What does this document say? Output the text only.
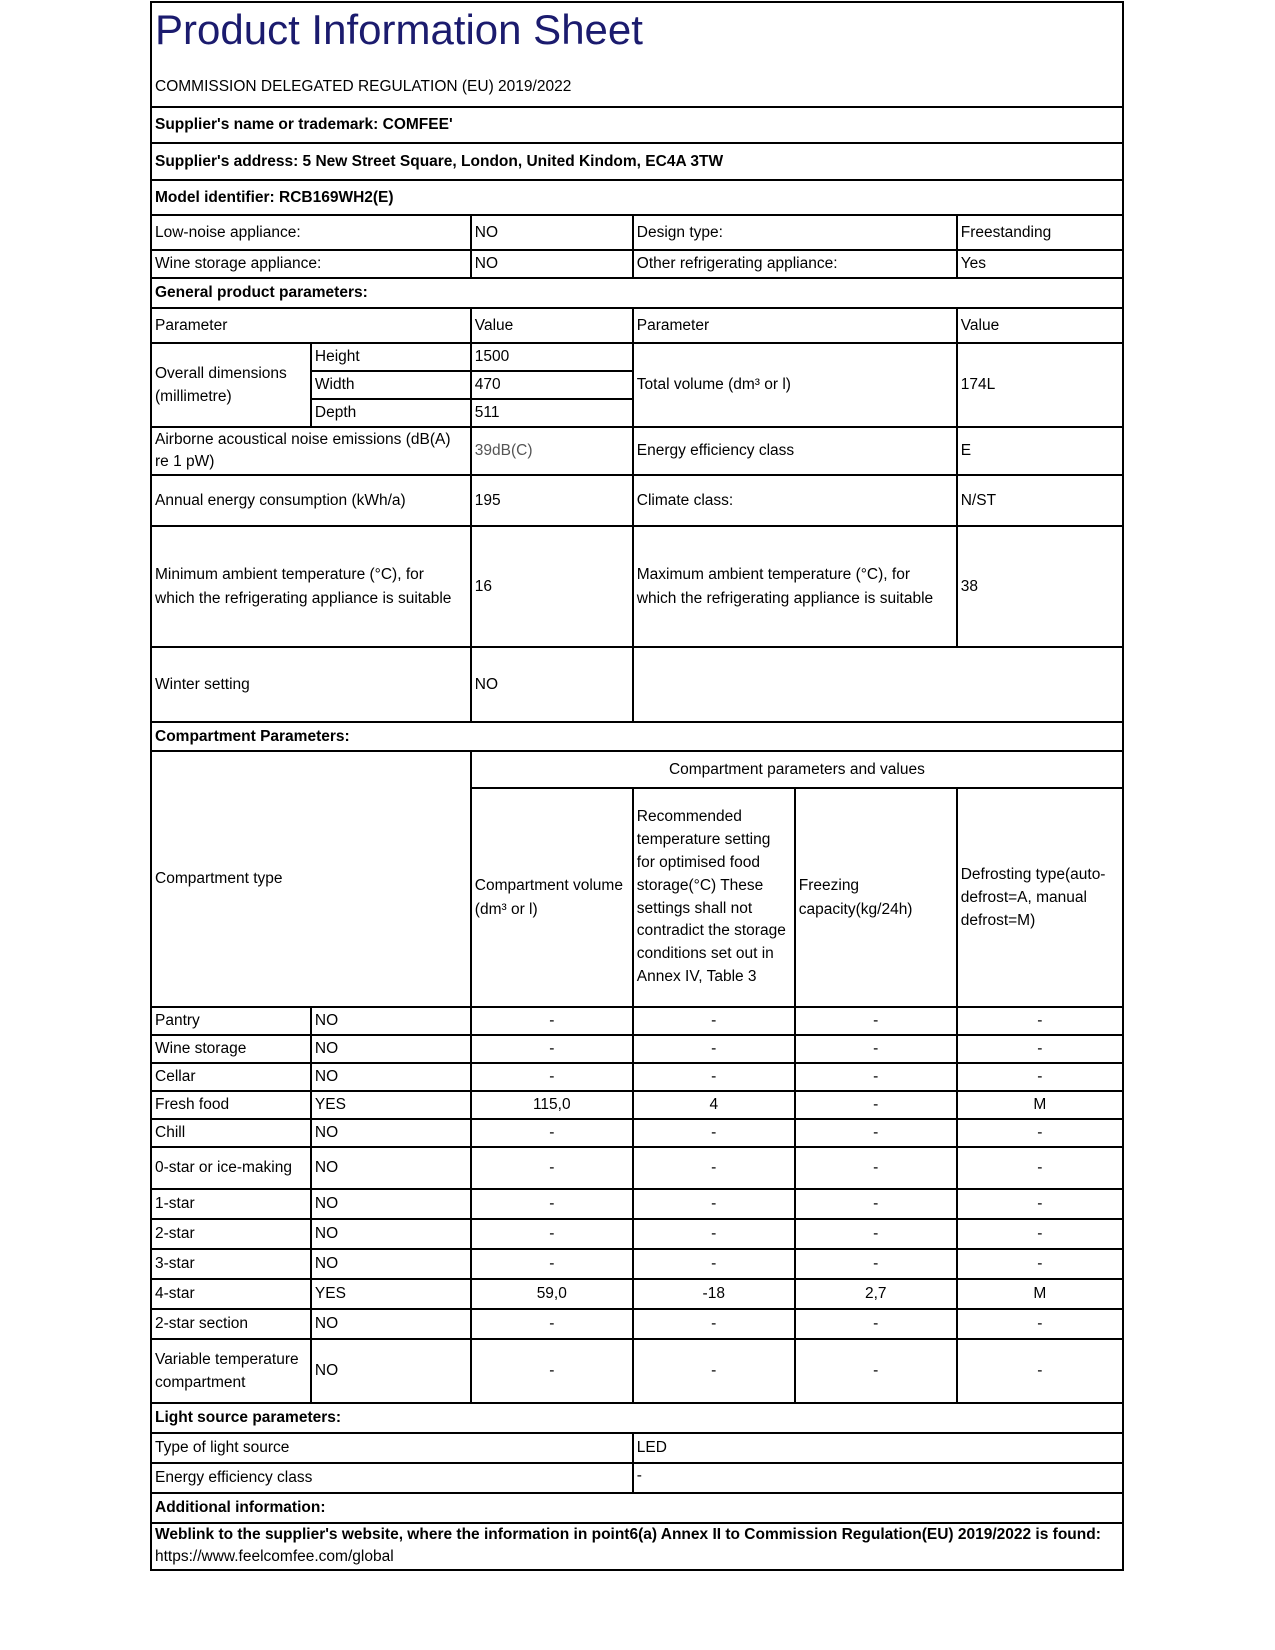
Product Information Sheet					
COMMISSION DELEGATED REGULATION (EU) 2019/2022					
Supplier's name or trademark: COMFEE'					
Supplier's address: 5 New Street Square, London, United Kindom, EC4A 3TW					
Model identifier: RCB169WH2(E)					
Low-noise appliance:		NO	Design type:		Freestanding
Wine storage appliance:		NO	Other refrigerating appliance:		Yes
General product parameters:					
Parameter		Value	Parameter		Value
Overall dimensions (millimetre)	Height	1500	Total volume (dm³ or l)		174L
	Width	470			
	Depth	511			
Airborne acoustical noise emissions (dB(A) re 1 pW)		39dB(C)	Energy efficiency class		E
Annual energy consumption (kWh/a)		195	Climate class:		N/ST
Minimum ambient temperature (°C), for which the refrigerating appliance is suitable		16	Maximum ambient temperature (°C), for which the refrigerating appliance is suitable		38
Winter setting		NO			
Compartment Parameters:					
Compartment type		Compartment parameters and values			
		Compartment volume (dm³ or l)	Recommended temperature setting for optimised food storage(°C) These settings shall not contradict the storage conditions set out in Annex IV, Table 3	Freezing capacity(kg/24h)	Defrosting type(auto-defrost=A, manual defrost=M)
Pantry	NO	-	-	-	-
Wine storage	NO	-	-	-	-
Cellar	NO	-	-	-	-
Fresh food	YES	115,0	4	-	M
Chill	NO	-	-	-	-
0-star or ice-making	NO	-	-	-	-
1-star	NO	-	-	-	-
2-star	NO	-	-	-	-
3-star	NO	-	-	-	-
4-star	YES	59,0	-18	2,7	M
2-star section	NO	-	-	-	-
Variable temperature compartment	NO	-	-	-	-
Light source parameters:					
Type of light source			LED		
Energy efficiency class			-		
Additional information:					

Weblink to the supplier's website, where the information in point6(a) Annex II to Commission Regulation(EU) 2019/2022 is found:
https://www.feelcomfee.com/global					
